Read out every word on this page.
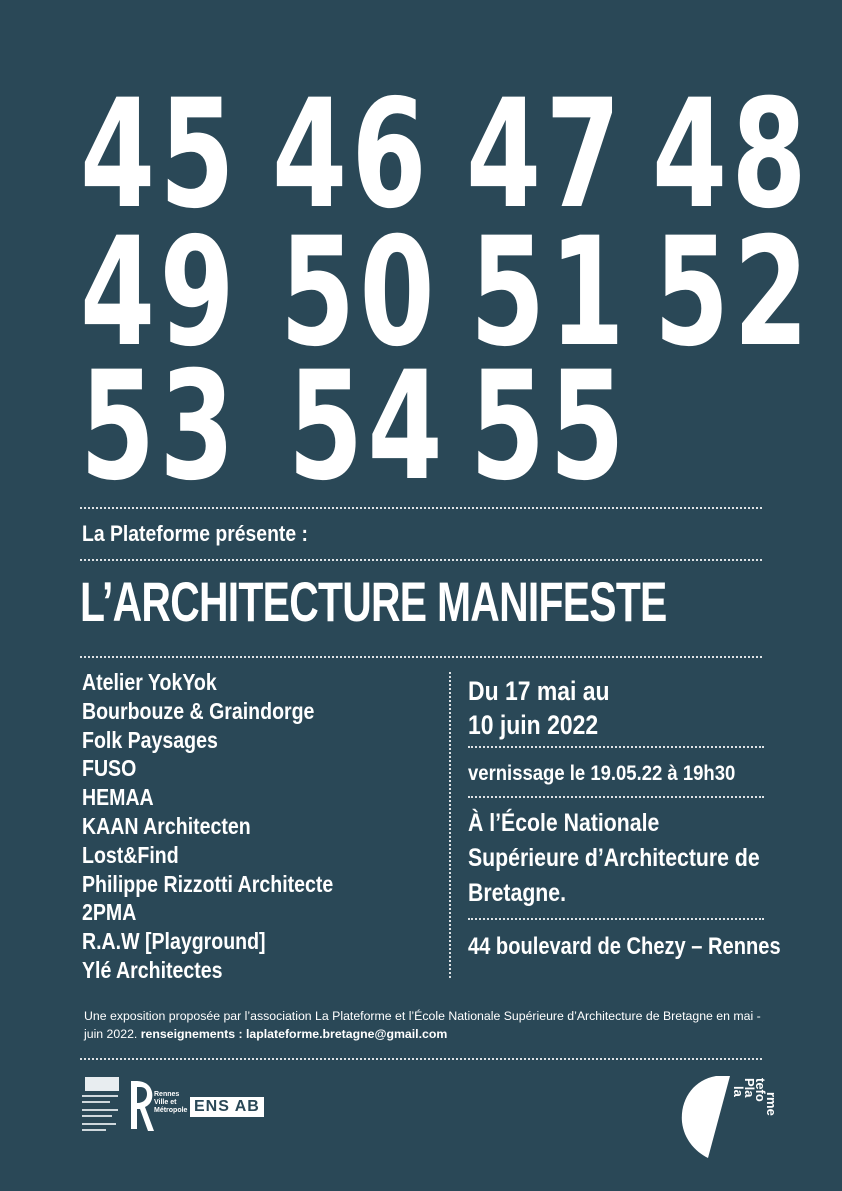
45 46 47 48
49 50 51 52
53 54 55
La Plateforme présente :
L’ARCHITECTURE MANIFESTE
Atelier YokYok
Bourbouze & Graindorge
Folk Paysages
FUSO
HEMAA
KAAN Architecten
Lost&Find
Philippe Rizzotti Architecte
2PMA
R.A.W [Playground]
Ylé Architectes
Du 17 mai au
10 juin 2022
vernissage le 19.05.22 à 19h30
À l’École Nationale
Supérieure d’Architecture de
Bretagne.
44 boulevard de Chezy – Rennes
Une exposition proposée par l’association La Plateforme et l’École Nationale Supérieure d’Architecture de Bretagne en mai - juin 2022. renseignements : laplateforme.bretagne@gmail.com
Rennes
Ville et
Métropole ENS AB
la
Pla
tefo
rme
